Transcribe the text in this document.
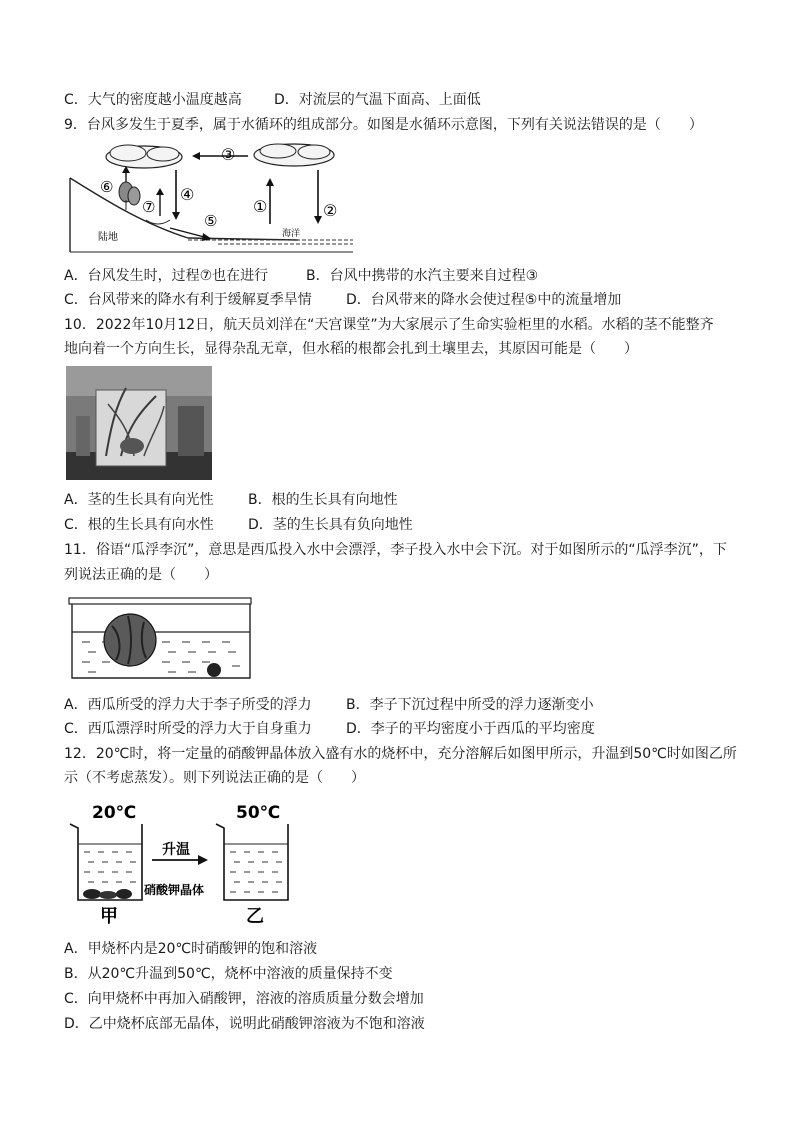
C．大气的密度越小温度越高 D．对流层的气温下面高、上面低
9．台风多发生于夏季，属于水循环的组成部分。如图是水循环示意图，下列有关说法错误的是（　　）
③
④
①	②
⑥
⑦
⑤
陆地	海洋
A．台风发生时，过程⑦也在进行	B．台风中携带的水汽主要来自过程③
C．台风带来的降水有利于缓解夏季旱情 D．台风带来的降水会使过程⑤中的流量增加
10．2022年10月12日，航天员刘洋在“天宫课堂”为大家展示了生命实验柜里的水稻。水稻的茎不能整齐
地向着一个方向生长，显得杂乱无章，但水稻的根都会扎到土壤里去，其原因可能是（　　）
A．茎的生长具有向光性 B．根的生长具有向地性
C．根的生长具有向水性 D．茎的生长具有负向地性
11．俗语“瓜浮李沉”，意思是西瓜投入水中会漂浮，李子投入水中会下沉。对于如图所示的“瓜浮李沉”，下
列说法正确的是（　　）
A．西瓜所受的浮力大于李子所受的浮力 B．李子下沉过程中所受的浮力逐渐变小
C．西瓜漂浮时所受的浮力大于自身重力 D．李子的平均密度小于西瓜的平均密度
12．20℃时，将一定量的硝酸钾晶体放入盛有水的烧杯中，充分溶解后如图甲所示，升温到50℃时如图乙所
示（不考虑蒸发）。则下列说法正确的是（　　）
20℃	50℃
升温
硝酸钾晶体
甲	乙
A．甲烧杯内是20℃时硝酸钾的饱和溶液
B．从20℃升温到50℃，烧杯中溶液的质量保持不变
C．向甲烧杯中再加入硝酸钾，溶液的溶质质量分数会增加
D．乙中烧杯底部无晶体，说明此硝酸钾溶液为不饱和溶液
